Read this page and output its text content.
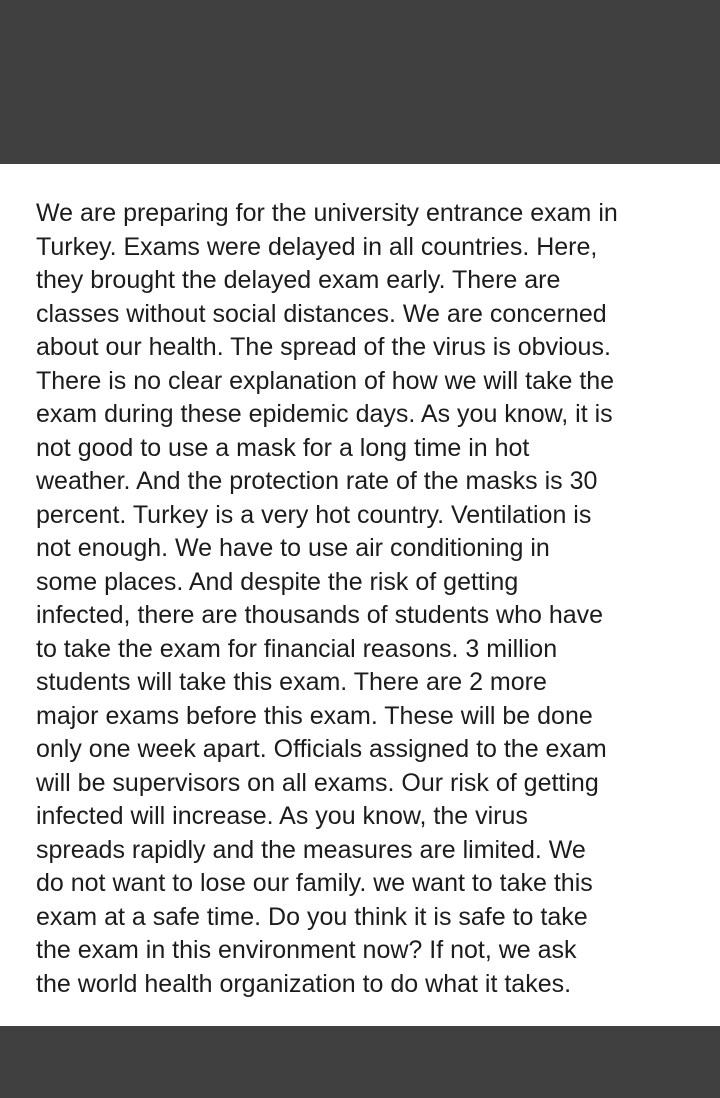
We are preparing for the university entrance exam in
Turkey. Exams were delayed in all countries. Here,
they brought the delayed exam early. There are
classes without social distances. We are concerned
about our health. The spread of the virus is obvious.
There is no clear explanation of how we will take the
exam during these epidemic days. As you know, it is
not good to use a mask for a long time in hot
weather. And the protection rate of the masks is 30
percent. Turkey is a very hot country. Ventilation is
not enough. We have to use air conditioning in
some places. And despite the risk of getting
infected, there are thousands of students who have
to take the exam for financial reasons. 3 million
students will take this exam. There are 2 more
major exams before this exam. These will be done
only one week apart. Officials assigned to the exam
will be supervisors on all exams. Our risk of getting
infected will increase. As you know, the virus
spreads rapidly and the measures are limited. We
do not want to lose our family. we want to take this
exam at a safe time. Do you think it is safe to take
the exam in this environment now? If not, we ask
the world health organization to do what it takes.
